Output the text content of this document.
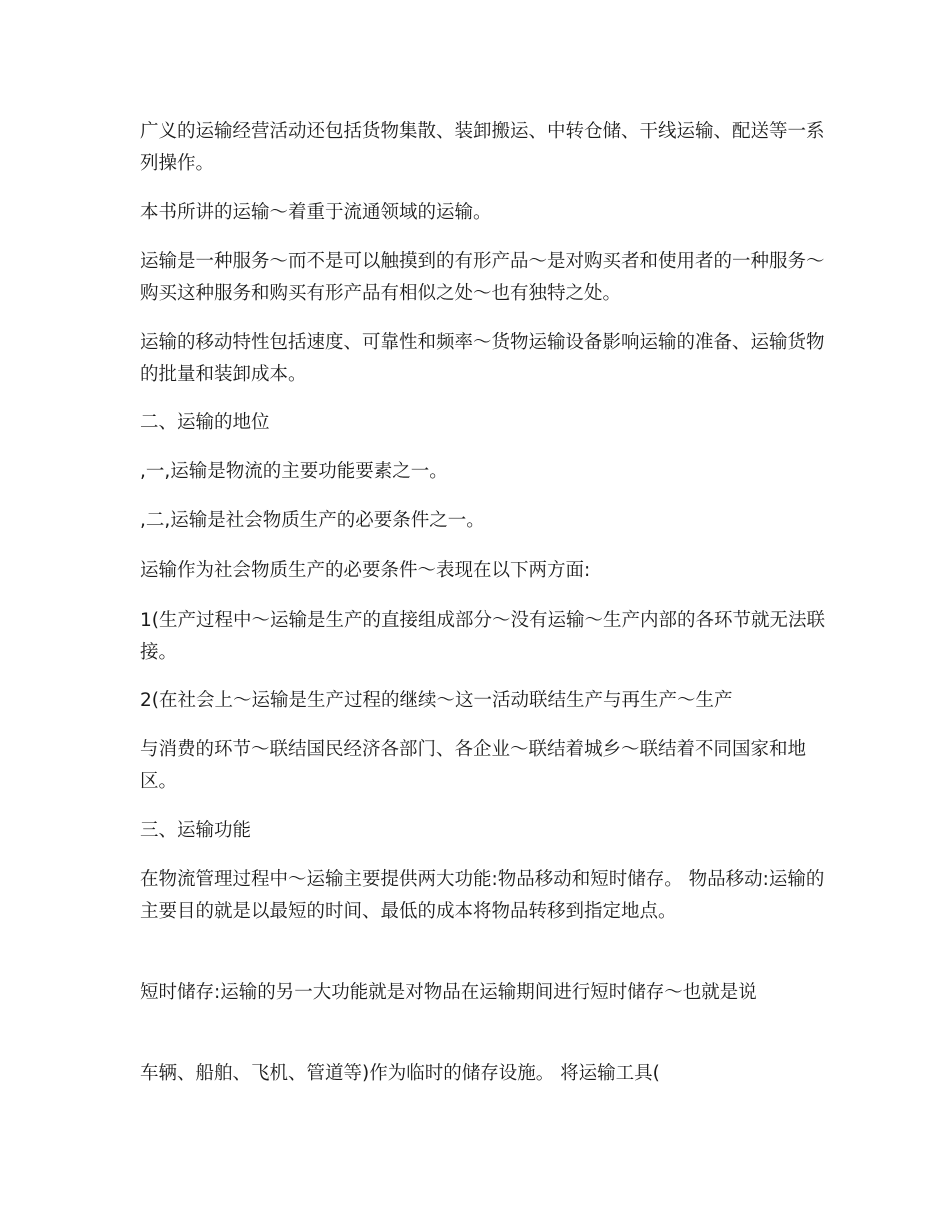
广义的运输经营活动还包括货物集散、装卸搬运、中转仓储、干线运输、配送等一系列操作。

本书所讲的运输～着重于流通领域的运输。

运输是一种服务～而不是可以触摸到的有形产品～是对购买者和使用者的一种服务～购买这种服务和购买有形产品有相似之处～也有独特之处。

运输的移动特性包括速度、可靠性和频率～货物运输设备影响运输的准备、运输货物的批量和装卸成本。

二、运输的地位

,一,运输是物流的主要功能要素之一。

,二,运输是社会物质生产的必要条件之一。

运输作为社会物质生产的必要条件～表现在以下两方面:

1(生产过程中～运输是生产的直接组成部分～没有运输～生产内部的各环节就无法联接。

2(在社会上～运输是生产过程的继续～这一活动联结生产与再生产～生产

与消费的环节～联结国民经济各部门、各企业～联结着城乡～联结着不同国家和地区。

三、运输功能

在物流管理过程中～运输主要提供两大功能:物品移动和短时储存。 物品移动:运输的主要目的就是以最短的时间、最低的成本将物品转移到指定地点。

短时储存:运输的另一大功能就是对物品在运输期间进行短时储存～也就是说

车辆、船舶、飞机、管道等)作为临时的储存设施。 将运输工具(
